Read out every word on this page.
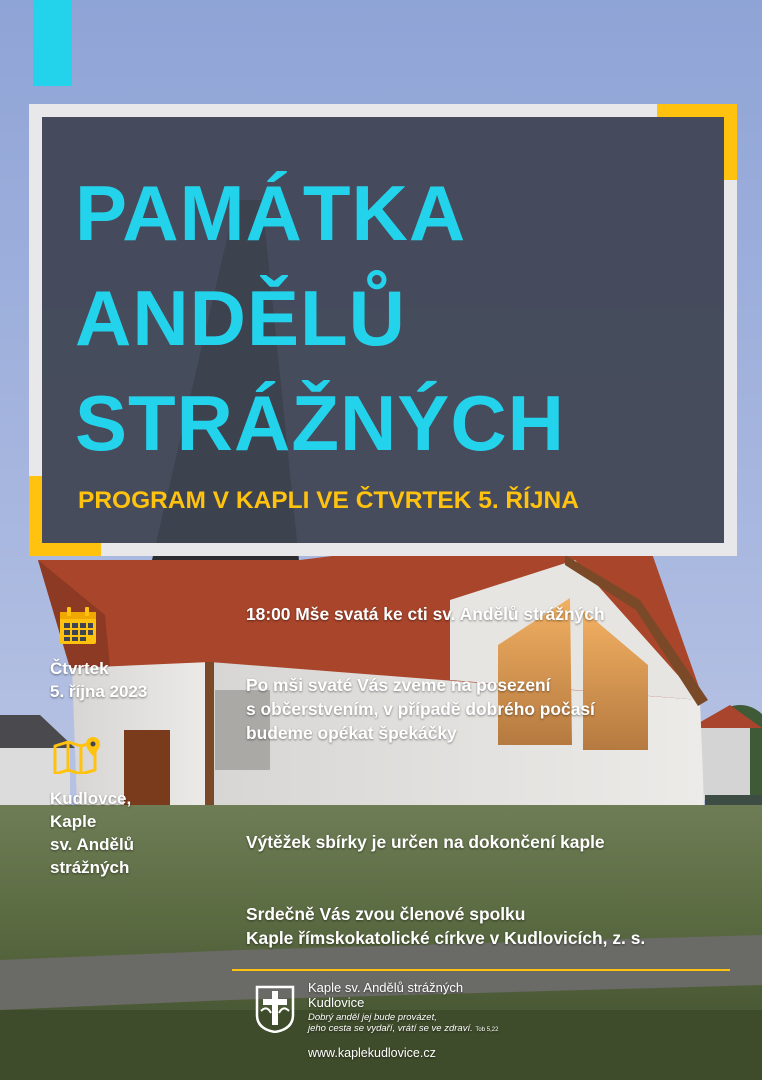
PAMÁTKA
ANDĚLŮ
STRÁŽNÝCH
PROGRAM V KAPLI VE ČTVRTEK 5. ŘÍJNA
Čtvrtek
5. října 2023
Kudlovce,
Kaple
sv. Andělů
strážných
18:00 Mše svatá ke cti sv. Andělů strážných
Po mši svaté Vás zveme na posezení
s občerstvením, v případě dobrého počasí
budeme opékat špekáčky
Výtěžek sbírky je určen na dokončení kaple
Srdečně Vás zvou členové spolku
Kaple římskokatolické církve v Kudlovicích, z. s.
Kaple sv. Andělů strážných
Kudlovice
Dobrý anděl jej bude provázet,
jeho cesta se vydaří, vrátí se ve zdraví. Tob 5,22
www.kaplekudlovice.cz
